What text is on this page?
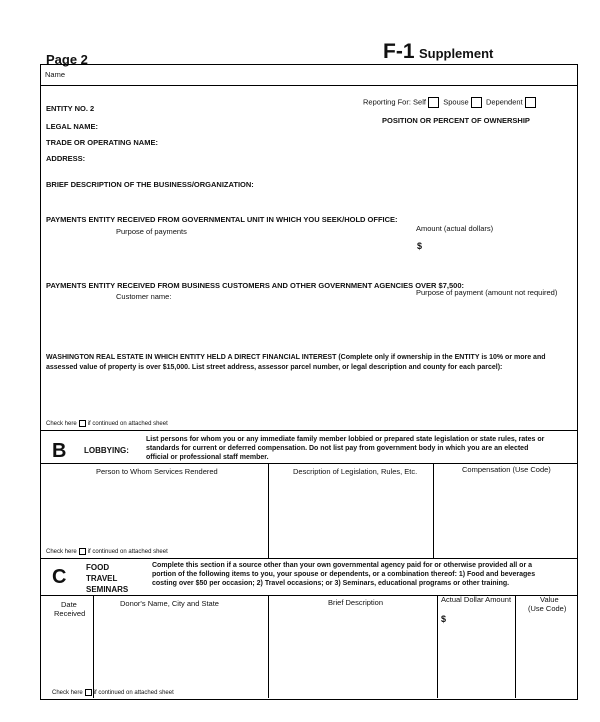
Page 2	F-1 Supplement
Name
ENTITY NO. 2
Reporting For: Self Spouse Dependent
POSITION OR PERCENT OF OWNERSHIP
LEGAL NAME:
TRADE OR OPERATING NAME:
ADDRESS:
BRIEF DESCRIPTION OF THE BUSINESS/ORGANIZATION:
PAYMENTS ENTITY RECEIVED FROM GOVERNMENTAL UNIT IN WHICH YOU SEEK/HOLD OFFICE:
Purpose of payments	Amount (actual dollars)
$
PAYMENTS ENTITY RECEIVED FROM BUSINESS CUSTOMERS AND OTHER GOVERNMENT AGENCIES OVER $7,500:
Customer name:	Purpose of payment (amount not required)
WASHINGTON REAL ESTATE IN WHICH ENTITY HELD A DIRECT FINANCIAL INTEREST (Complete only if ownership in the ENTITY is 10% or more and
assessed value of property is over $15,000. List street address, assessor parcel number, or legal description and county for each parcel):
Check here if continued on attached sheet
B LOBBYING:
List persons for whom you or any immediate family member lobbied or prepared state legislation or state rules, rates or
standards for current or deferred compensation. Do not list pay from government body in which you are an elected
official or professional staff member.
Person to Whom Services Rendered	Description of Legislation, Rules, Etc.	Compensation (Use Code)
Check here if continued on attached sheet
C FOOD
TRAVEL
SEMINARS
Complete this section if a source other than your own governmental agency paid for or otherwise provided all or a
portion of the following items to you, your spouse or dependents, or a combination thereof: 1) Food and beverages
costing over $50 per occasion; 2) Travel occasions; or 3) Seminars, educational programs or other training.
Date
Received
Donor's Name, City and State	Brief Description	Actual Dollar Amount	Value
(Use Code)
$
Check here if continued on attached sheet
